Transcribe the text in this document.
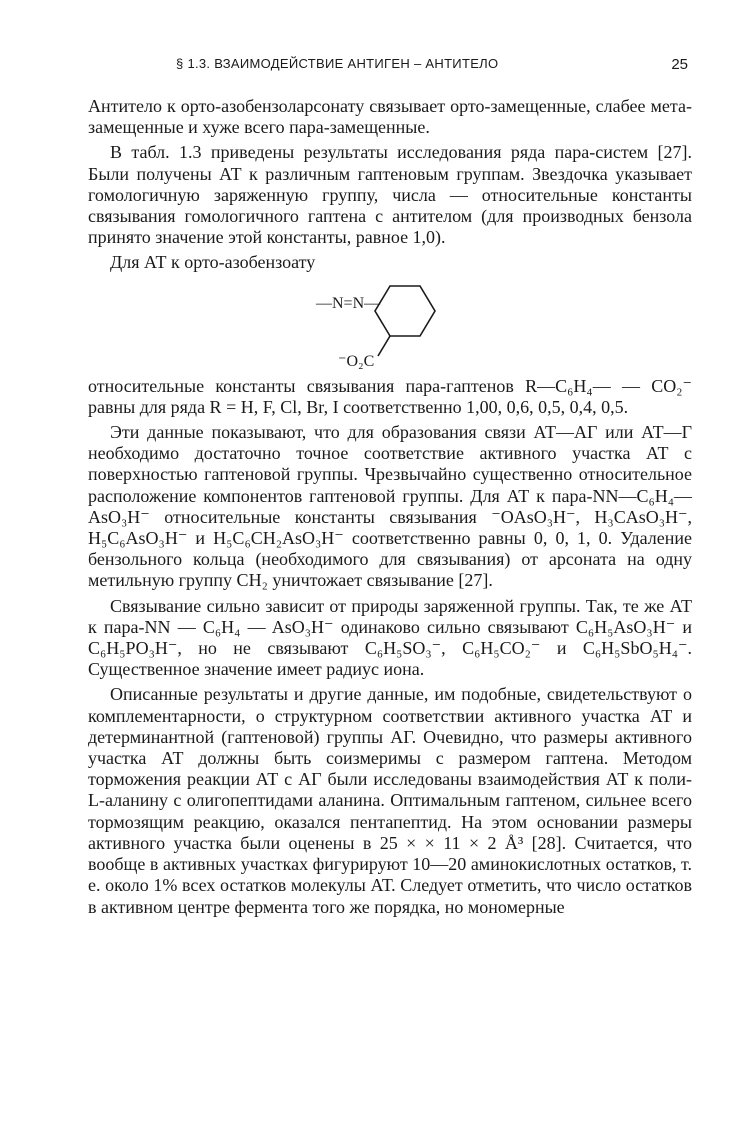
§ 1.3. ВЗАИМОДЕЙСТВИЕ АНТИГЕН – АНТИТЕЛО	25

Антитело к орто-азобензоларсонату связывает орто-замещенные, слабее мета-замещенные и хуже всего пара-замещенные.

В табл. 1.3 приведены результаты исследования ряда пара-систем [27]. Были получены АТ к различным гаптеновым группам. Звездочка указывает гомологичную заряженную группу, числа — относительные константы связывания гомологичного гаптена с антителом (для производных бензола принято значение этой константы, равное 1,0).

Для АТ к орто-азобензоату

—N=N—
⁻O₂C

относительные константы связывания пара-гаптенов R—C₆H₄— — CO₂⁻ равны для ряда R = H, F, Cl, Br, I соответственно 1,00, 0,6, 0,5, 0,4, 0,5.

Эти данные показывают, что для образования связи АТ—АГ или АТ—Г необходимо достаточно точное соответствие активного участка АТ с поверхностью гаптеновой группы. Чрезвычайно существенно относительное расположение компонентов гаптеновой группы. Для АТ к пара-NN—C₆H₄—AsO₃H⁻ относительные константы связывания ⁻OAsO₃H⁻, H₃CAsO₃H⁻, H₅C₆AsO₃H⁻ и H₅C₆CH₂AsO₃H⁻ соответственно равны 0, 0, 1, 0. Удаление бензольного кольца (необходимого для связывания) от арсоната на одну метильную группу CH₂ уничтожает связывание [27].

Связывание сильно зависит от природы заряженной группы. Так, те же АТ к пара-NN — C₆H₄ — AsO₃H⁻ одинаково сильно связывают C₆H₅AsO₃H⁻ и C₆H₅PO₃H⁻, но не связывают C₆H₅SO₃⁻, C₆H₅CO₂⁻ и C₆H₅SbO₅H₄⁻. Существенное значение имеет радиус иона.

Описанные результаты и другие данные, им подобные, свидетельствуют о комплементарности, о структурном соответствии активного участка АТ и детерминантной (гаптеновой) группы АГ. Очевидно, что размеры активного участка АТ должны быть соизмеримы с размером гаптена. Методом торможения реакции АТ с АГ были исследованы взаимодействия АТ к поли-L-аланину с олигопептидами аланина. Оптимальным гаптеном, сильнее всего тормозящим реакцию, оказался пентапептид. На этом основании размеры активного участка были оценены в 25 × × 11 × 2 Å³ [28]. Считается, что вообще в активных участках фигурируют 10—20 аминокислотных остатков, т. е. около 1% всех остатков молекулы АТ. Следует отметить, что число остатков в активном центре фермента того же порядка, но мономерные
